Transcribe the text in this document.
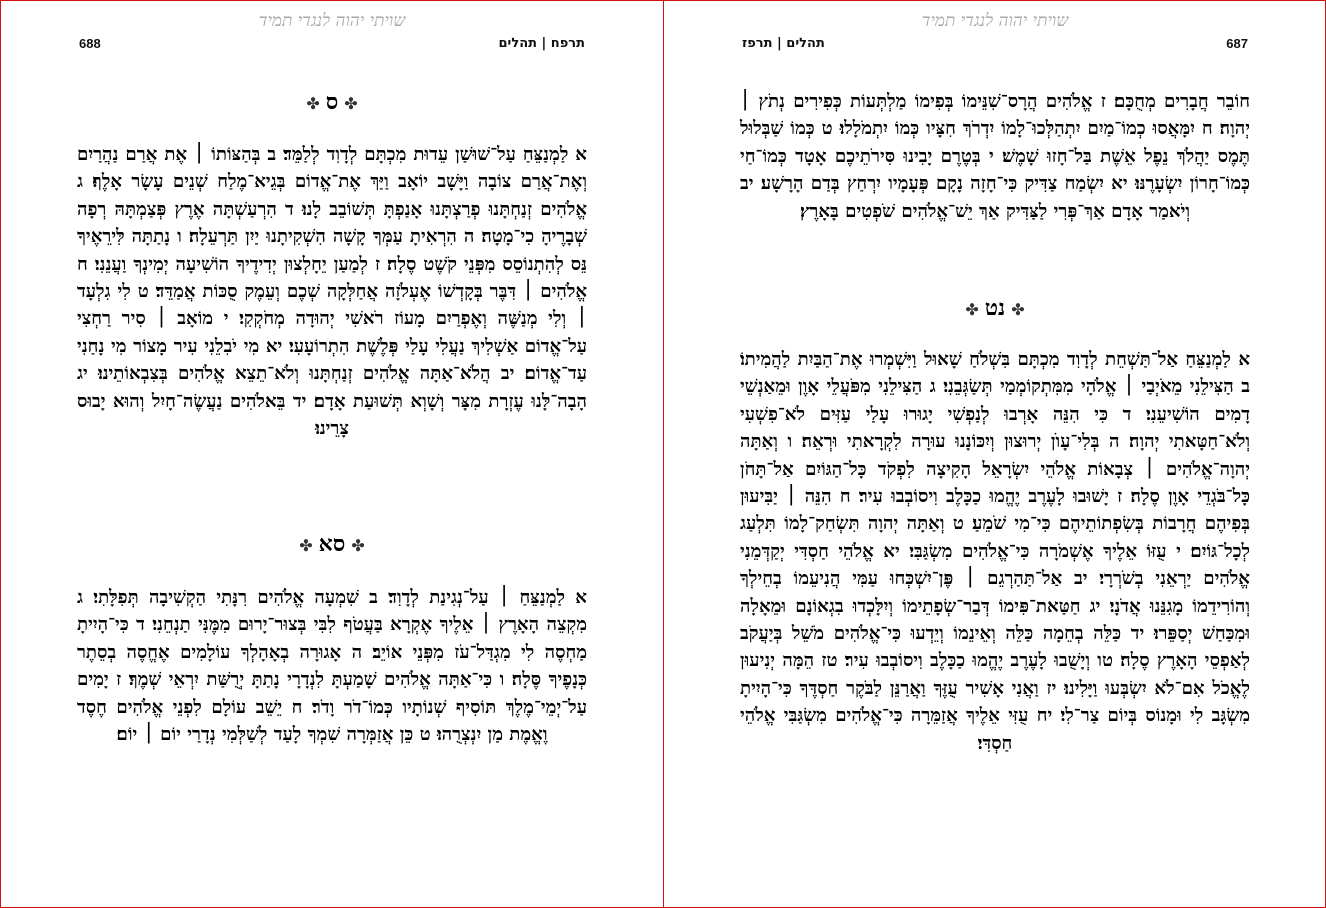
שויתי יהוה לנגדי תמיד
תרפח | תהלים
688
✤ס✤
א לַמְנַצֵּחַ עַל־שׁוּשַׁן עֵדוּת מִכְתָּם לְדָוִד לְלַמֵּד׃ ב בְּהַצּוֹתוֹ ׀ אֶת אֲרַם נַהֲרַיִם וְאֶת־אֲרַם צוֹבָה וַיָּשָׁב יוֹאָב וַיַּךְ אֶת־אֱדוֹם בְּגֵיא־מֶלַח שְׁנֵים עָשָׂר אָלֶף׃ ג אֱלֹהִים זְנַחְתָּנוּ פְרַצְתָּנוּ אָנַפְתָּ תְּשׁוֹבֵב לָנוּ׃ ד הִרְעַשְׁתָּה אֶרֶץ פְּצַמְתָּהּ רְפָה שְׁבָרֶיהָ כִי־מָטָה׃ ה הִרְאִיתָ עַמְּךָ קָשָׁה הִשְׁקִיתָנוּ יַיִן תַּרְעֵלָה׃ ו נָתַתָּה לִּירֵאֶיךָ נֵּס לְהִתְנוֹסֵס מִפְּנֵי קֹשֶׁט סֶלָה׃ ז לְמַעַן יֵחָלְצוּן יְדִידֶיךָ הוֹשִׁיעָה יְמִינְךָ וַעֲנֵנִי׃ ח אֱלֹהִים ׀ דִּבֶּר בְּקָדְשׁוֹ אֶעְלֹזָה אֲחַלְּקָה שְׁכֶם וְעֵמֶק סֻכּוֹת אֲמַדֵּד׃ ט לִי גִלְעָד ׀ וְלִי מְנַשֶּׁה וְאֶפְרַיִם מָעוֹז רֹאשִׁי יְהוּדָה מְחֹקְקִי׃ י מוֹאָב ׀ סִיר רַחְצִי עַל־אֱדוֹם אַשְׁלִיךְ נַעֲלִי עָלַי פְּלֶשֶׁת הִתְרוֹעָעִי׃ יא מִי יֹבִלֵנִי עִיר מָצוֹר מִי נָחַנִי עַד־אֱדוֹם׃ יב הֲלֹא־אַתָּה אֱלֹהִים זְנַחְתָּנוּ וְלֹא־תֵצֵא אֱלֹהִים בְּצִבְאוֹתֵינוּ׃ יג הָבָה־לָּנוּ עֶזְרָת מִצָּר וְשָׁוְא תְּשׁוּעַת אָדָם׃ יד בֵּאלֹהִים נַעֲשֶׂה־חָיִל וְהוּא יָבוּס צָרֵינוּ׃
✤סא✤
א לַמְנַצֵּחַ ׀ עַל־נְגִינַת לְדָוִד׃ ב שִׁמְעָה אֱלֹהִים רִנָּתִי הַקְשִׁיבָה תְּפִלָּתִי׃ ג מִקְצֵה הָאָרֶץ ׀ אֵלֶיךָ אֶקְרָא בַּעֲטֹף לִבִּי בְּצוּר־יָרוּם מִמֶּנִּי תַנְחֵנִי׃ ד כִּי־הָיִיתָ מַחְסֶה לִי מִגְדַּל־עֹז מִפְּנֵי אוֹיֵב׃ ה אָגוּרָה בְאָהָלְךָ עוֹלָמִים אֶחֱסֶה בְסֵתֶר כְּנָפֶיךָ סֶּלָה׃ ו כִּי־אַתָּה אֱלֹהִים שָׁמַעְתָּ לִנְדָרָי נָתַתָּ יְרֻשַּׁת יִרְאֵי שְׁמֶךָ׃ ז יָמִים עַל־יְמֵי־מֶלֶךְ תּוֹסִיף שְׁנוֹתָיו כְּמוֹ־דֹר וָדֹר׃ ח יֵשֵׁב עוֹלָם לִפְנֵי אֱלֹהִים חֶסֶד וֶאֱמֶת מַן יִנְצְרֻהוּ׃ ט כֵּן אֲזַמְּרָה שִׁמְךָ לָעַד לְשַׁלְּמִי נְדָרַי יוֹם ׀ יוֹם׃
שויתי יהוה לנגדי תמיד
תהלים | תרפז	687
חוֹבֵר חֲבָרִים מְחֻכָּם׃ ז אֱלֹהִים הֲרָס־שִׁנֵּימוֹ בְּפִימוֹ מַלְתְּעוֹת כְּפִירִים נְתֹץ ׀ יְהוָה׃ ח יִמָּאֲסוּ כְמוֹ־מַיִם יִתְהַלְּכוּ־לָמוֹ יִדְרֹךְ חִצָּיו כְּמוֹ יִתְמֹלָלוּ׃ ט כְּמוֹ שַׁבְּלוּל תֶּמֶס יַהֲלֹךְ נֵפֶל אֵשֶׁת בַּל־חָזוּ שָׁמֶשׁ׃ י בְּטֶרֶם יָבִינוּ סִּירֹתֵיכֶם אָטָד כְּמוֹ־חַי כְּמוֹ־חָרוֹן יִשְׂעָרֶנּוּ׃ יא יִשְׂמַח צַדִּיק כִּי־חָזָה נָקָם פְּעָמָיו יִרְחַץ בְּדַם הָרָשָׁע׃ יב וְיֹאמַר אָדָם אַךְ־פְּרִי לַצַּדִּיק אַךְ יֵשׁ־אֱלֹהִים שֹׁפְטִים בָּאָרֶץ׃
✤נט✤
א לַמְנַצֵּחַ אַל־תַּשְׁחֵת לְדָוִד מִכְתָּם בִּשְׁלֹחַ שָׁאוּל וַיִּשְׁמְרוּ אֶת־הַבַּיִת לַהֲמִיתוֹ׃ ב הַצִּילֵנִי מֵאֹיְבַי ׀ אֱלֹהָי מִמִּתְקוֹמְמַי תְּשַׂגְּבֵנִי׃ ג הַצִּילֵנִי מִפֹּעֲלֵי אָוֶן וּמֵאַנְשֵׁי דָמִים הוֹשִׁיעֵנִי׃ ד כִּי הִנֵּה אָרְבוּ לְנַפְשִׁי יָגוּרוּ עָלַי עַזִּים לֹא־פִשְׁעִי וְלֹא־חַטָּאתִי יְהוָה׃ ה בְּלִי־עָוֺן יְרוּצוּן וְיִכּוֹנָנוּ עוּרָה לִקְרָאתִי וּרְאֵה׃ ו וְאַתָּה יְהוָה־אֱלֹהִים ׀ צְבָאוֹת אֱלֹהֵי יִשְׂרָאֵל הָקִיצָה לִפְקֹד כָּל־הַגּוֹיִם אַל־תָּחֹן כָּל־בֹּגְדֵי אָוֶן סֶלָה׃ ז יָשׁוּבוּ לָעֶרֶב יֶהֱמוּ כַכָּלֶב וִיסוֹבְבוּ עִיר׃ ח הִנֵּה ׀ יַבִּיעוּן בְּפִיהֶם חֲרָבוֹת בְּשִׂפְתוֹתֵיהֶם כִּי־מִי שֹׁמֵעַ׃ ט וְאַתָּה יְהוָה תִּשְׂחַק־לָמוֹ תִּלְעַג לְכָל־גּוֹיִם׃ י עֻזּוֹ אֵלֶיךָ אֶשְׁמֹרָה כִּי־אֱלֹהִים מִשְׂגַּבִּי׃ יא אֱלֹהֵי חַסְדִּי יְקַדְּמֵנִי אֱלֹהִים יַרְאֵנִי בְשֹׁרְרָי׃ יב אַל־תַּהַרְגֵם ׀ פֶּן־יִשְׁכְּחוּ עַמִּי הֲנִיעֵמוֹ בְחֵילְךָ וְהוֹרִידֵמוֹ מָגִנֵּנוּ אֲדֹנָי׃ יג חַטַּאת־פִּימוֹ דְּבַר־שְׂפָתֵימוֹ וְיִלָּכְדוּ בִגְאוֹנָם וּמֵאָלָה וּמִכַּחַשׁ יְסַפֵּרוּ׃ יד כַּלֵּה בְחֵמָה כַּלֵּה וְאֵינֵמוֹ וְיֵדְעוּ כִּי־אֱלֹהִים מֹשֵׁל בְּיַעֲקֹב לְאַפְסֵי הָאָרֶץ סֶלָה׃ טו וְיָשֻׁבוּ לָעֶרֶב יֶהֱמוּ כַכָּלֶב וִיסוֹבְבוּ עִיר׃ טז הֵמָּה יְנִיעוּן לֶאֱכֹל אִם־לֹא יִשְׂבְּעוּ וַיָּלִינוּ׃ יז וַאֲנִי אָשִׁיר עֻזֶּךָ וַאֲרַנֵּן לַבֹּקֶר חַסְדֶּךָ כִּי־הָיִיתָ מִשְׂגָּב לִי וּמָנוֹס בְּיוֹם צַר־לִי׃ יח עֻזִּי אֵלֶיךָ אֲזַמֵּרָה כִּי־אֱלֹהִים מִשְׂגַּבִּי אֱלֹהֵי חַסְדִּי׃
